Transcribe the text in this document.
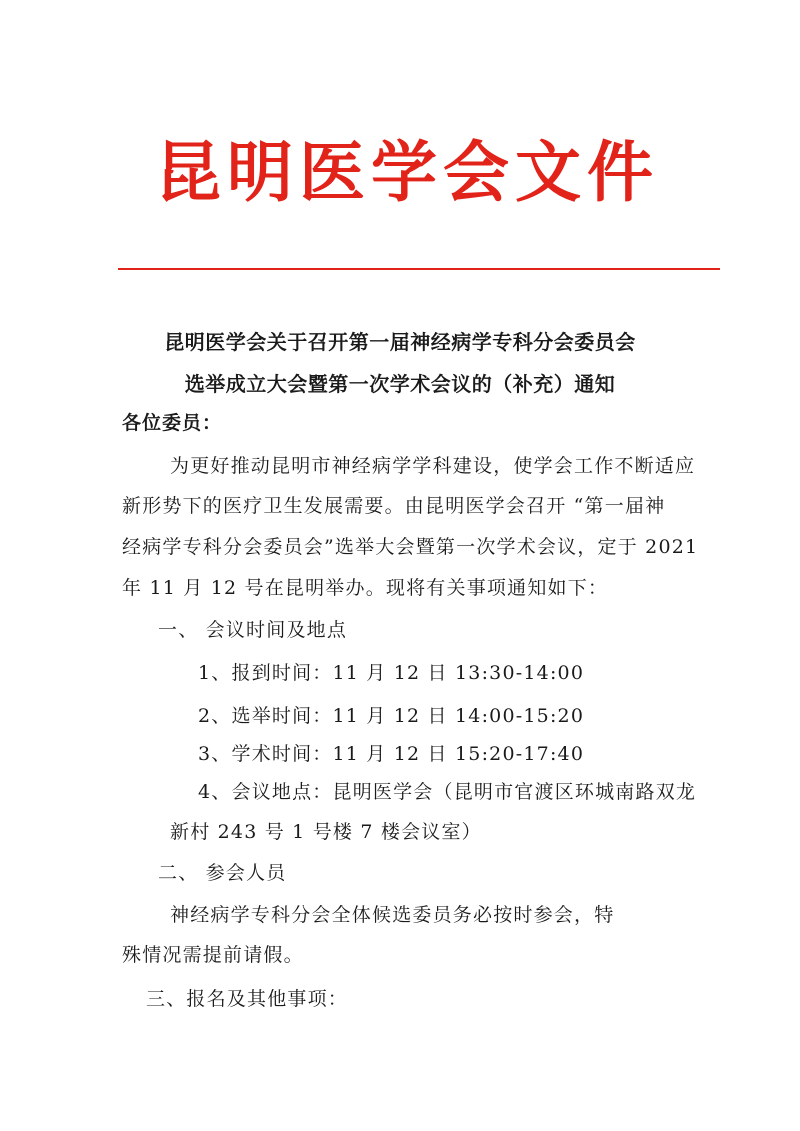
昆明医学会文件
昆明医学会关于召开第一届神经病学专科分会委员会
选举成立大会暨第一次学术会议的（补充）通知
各位委员：
为更好推动昆明市神经病学学科建设，使学会工作不断适应
新形势下的医疗卫生发展需要。由昆明医学会召开 “第一届神
经病学专科分会委员会”选举大会暨第一次学术会议，定于 2021
年 11 月 12 号在昆明举办。现将有关事项通知如下：
一、 会议时间及地点
1、报到时间：11 月 12 日 13:30-14:00
2、选举时间：11 月 12 日 14:00-15:20
3、学术时间：11 月 12 日 15:20-17:40
4、会议地点：昆明医学会（昆明市官渡区环城南路双龙
新村 243 号 1 号楼 7 楼会议室）
二、 参会人员
神经病学专科分会全体候选委员务必按时参会，特
殊情况需提前请假。
三、报名及其他事项：
